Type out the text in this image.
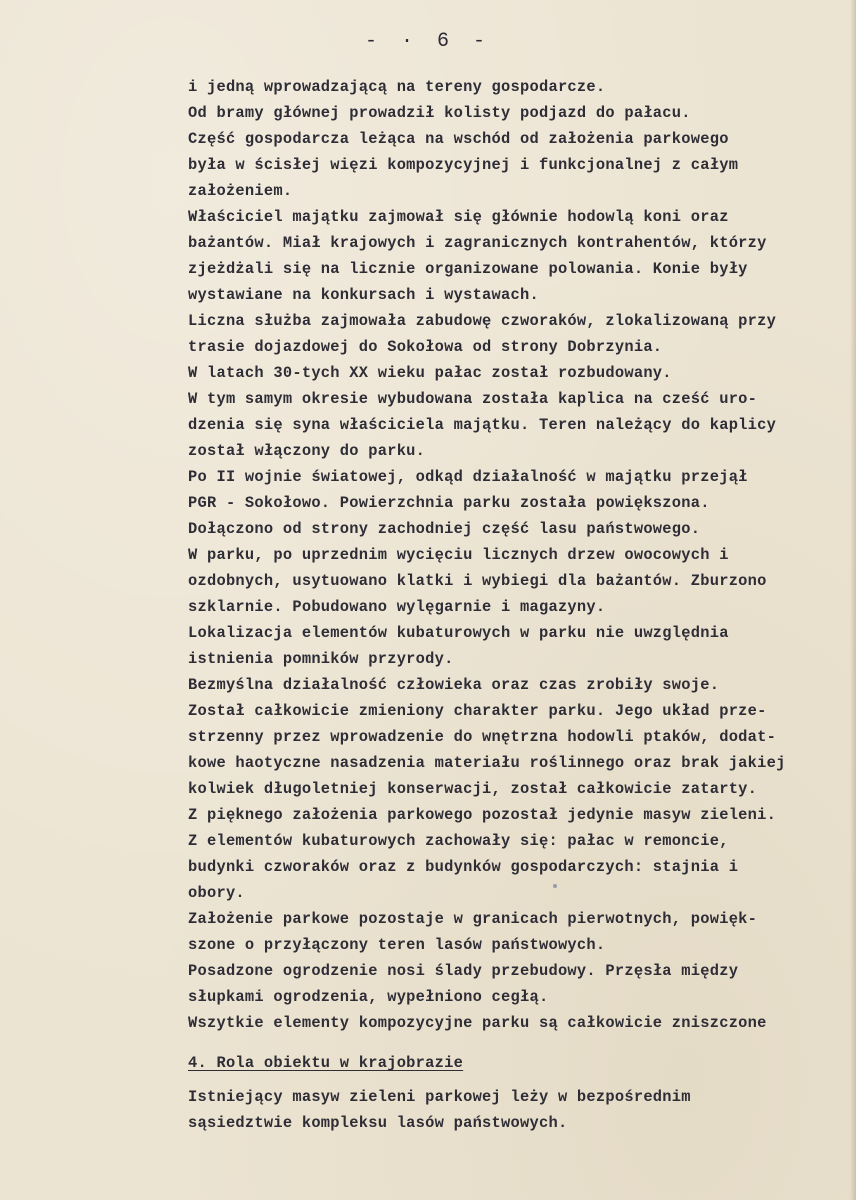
- · 6 -
i jedną wprowadzającą na tereny gospodarcze.
Od bramy głównej prowadził kolisty podjazd do pałacu.
Część gospodarcza leżąca na wschód od założenia parkowego
była w ścisłej więzi kompozycyjnej i funkcjonalnej z całym
założeniem.
Właściciel majątku zajmował się głównie hodowlą koni oraz
bażantów. Miał krajowych i zagranicznych kontrahentów, którzy
zjeżdżali się na licznie organizowane polowania. Konie były
wystawiane na konkursach i wystawach.
Liczna służba zajmowała zabudowę czworaków, zlokalizowaną przy
trasie dojazdowej do Sokołowa od strony Dobrzynia.
W latach 30-tych XX wieku pałac został rozbudowany.
W tym samym okresie wybudowana została kaplica na cześć uro-
dzenia się syna właściciela majątku. Teren należący do kaplicy
został włączony do parku.
Po II wojnie światowej, odkąd działalność w majątku przejął
PGR - Sokołowo. Powierzchnia parku została powiększona.
Dołączono od strony zachodniej część lasu państwowego.
W parku, po uprzednim wycięciu licznych drzew owocowych i
ozdobnych, usytuowano klatki i wybiegi dla bażantów. Zburzono
szklarnie. Pobudowano wylęgarnie i magazyny.
Lokalizacja elementów kubaturowych w parku nie uwzględnia
istnienia pomników przyrody.
Bezmyślna działalność człowieka oraz czas zrobiły swoje.
Został całkowicie zmieniony charakter parku. Jego układ prze-
strzenny przez wprowadzenie do wnętrzna hodowli ptaków, dodat-
kowe haotyczne nasadzenia materiału roślinnego oraz brak jakiej
kolwiek długoletniej konserwacji, został całkowicie zatarty.
Z pięknego założenia parkowego pozostał jedynie masyw zieleni.
Z elementów kubaturowych zachowały się: pałac w remoncie,
budynki czworaków oraz z budynków gospodarczych: stajnia i
obory.
Założenie parkowe pozostaje w granicach pierwotnych, powięk-
szone o przyłączony teren lasów państwowych.
Posadzone ogrodzenie nosi ślady przebudowy. Przęsła między
słupkami ogrodzenia, wypełniono cegłą.
Wszytkie elementy kompozycyjne parku są całkowicie zniszczone
4. Rola obiektu w krajobrazie
Istniejący masyw zieleni parkowej leży w bezpośrednim
sąsiedztwie kompleksu lasów państwowych.
